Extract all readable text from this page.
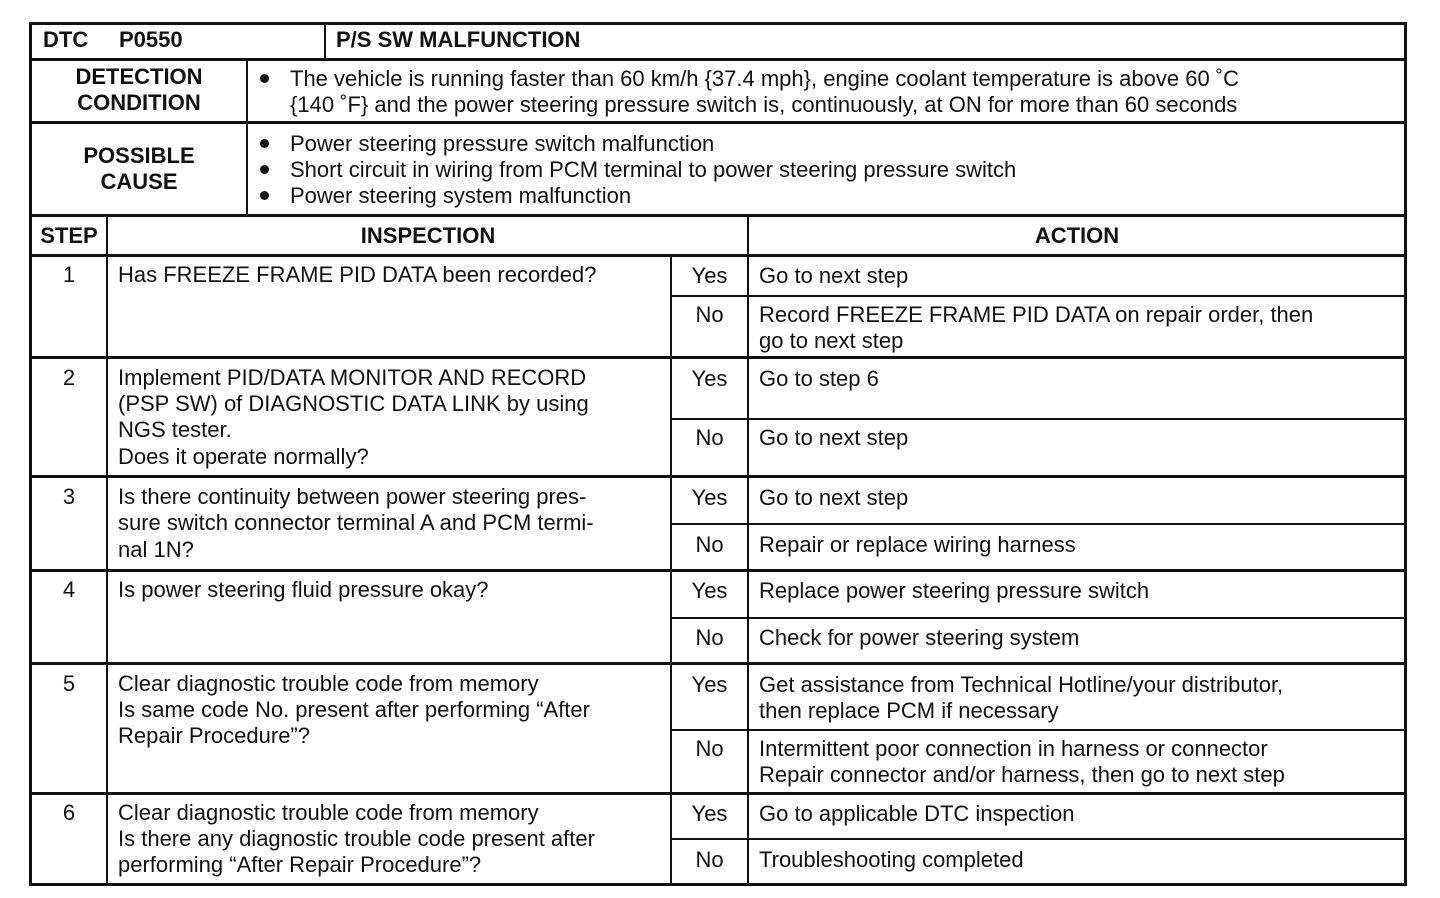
DTC P0550	P/S SW MALFUNCTION
DETECTION
CONDITION
The vehicle is running faster than 60 km/h {37.4 mph}, engine coolant temperature is above 60 ˚C
{140 ˚F} and the power steering pressure switch is, continuously, at ON for more than 60 seconds
POSSIBLE
CAUSE
Power steering pressure switch malfunction
Short circuit in wiring from PCM terminal to power steering pressure switch
Power steering system malfunction
STEP	INSPECTION	ACTION
1	Has FREEZE FRAME PID DATA been recorded?	Yes	Go to next step
No	Record FREEZE FRAME PID DATA on repair order, then
go to next step
2	Implement PID/DATA MONITOR AND RECORD
(PSP SW) of DIAGNOSTIC DATA LINK by using
NGS tester.
Does it operate normally?
Yes	Go to step 6
No	Go to next step
3	Is there continuity between power steering pres-
sure switch connector terminal A and PCM termi-
nal 1N?
Yes	Go to next step
No	Repair or replace wiring harness
4	Is power steering fluid pressure okay?	Yes	Replace power steering pressure switch
No	Check for power steering system
5	Clear diagnostic trouble code from memory
Is same code No. present after performing “After
Repair Procedure”?
Yes	Get assistance from Technical Hotline/your distributor,
then replace PCM if necessary
No	Intermittent poor connection in harness or connector
Repair connector and/or harness, then go to next step
6	Clear diagnostic trouble code from memory
Is there any diagnostic trouble code present after
performing “After Repair Procedure”?
Yes	Go to applicable DTC inspection
No	Troubleshooting completed
